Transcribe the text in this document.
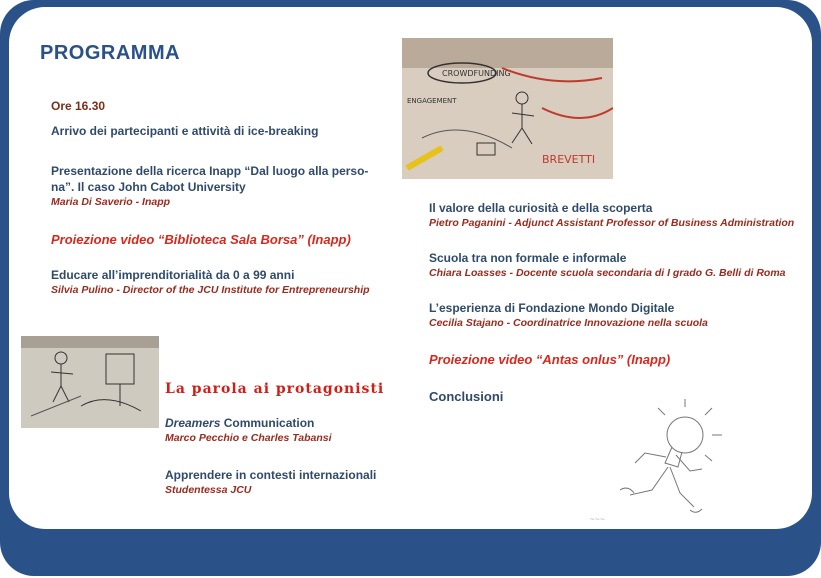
PROGRAMMA
CROWDFUNDING
BREVETTI
ENGAGEMENT
Ore 16.30
Arrivo dei partecipanti e attività di ice-breaking
Presentazione della ricerca Inapp “Dal luogo alla perso-
na”. Il caso John Cabot University
Maria Di Saverio - Inapp
Proiezione video “Biblioteca Sala Borsa” (Inapp)
Educare all’imprenditorialità da 0 a 99 anni
Silvia Pulino - Director of the JCU Institute for Entrepreneurship
La parola ai protagonisti
Dreamers Communication
Marco Pecchio e Charles Tabansi
Apprendere in contesti internazionali
Studentessa JCU
Il valore della curiosità e della scoperta
Pietro Paganini - Adjunct Assistant Professor of Business Administration
Scuola tra non formale e informale
Chiara Loasses - Docente scuola secondaria di I grado G. Belli di Roma
L’esperienza di Fondazione Mondo Digitale
Cecilia Stajano - Coordinatrice Innovazione nella scuola
Proiezione video “Antas onlus” (Inapp)
Conclusioni
~~~
